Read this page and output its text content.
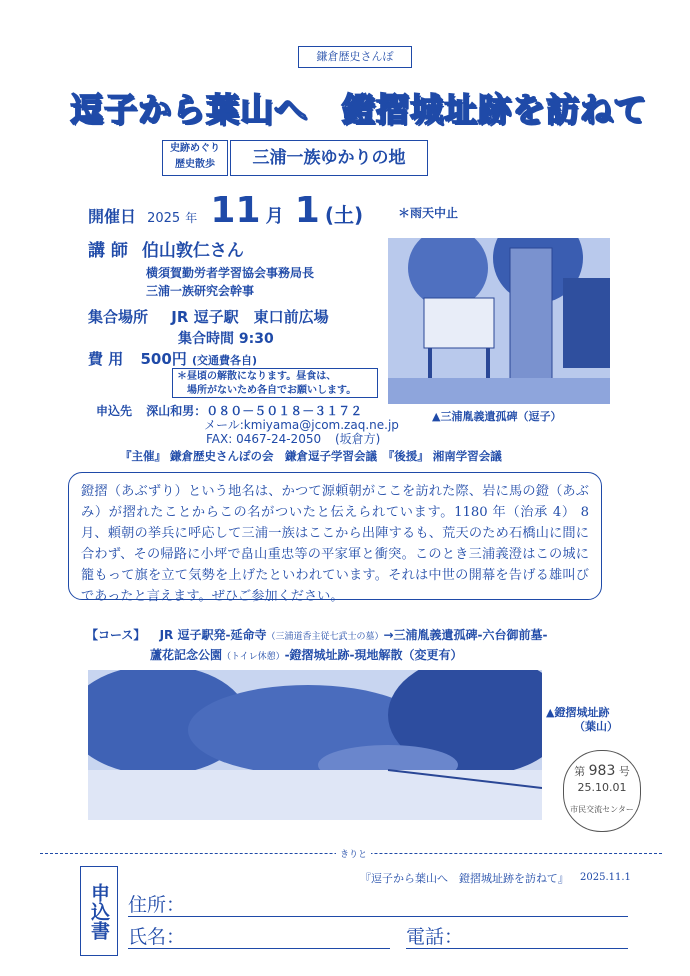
鎌倉歴史さんぽ
逗子から葉山へ　鐙摺城址跡を訪ねて
史跡めぐり
歴史散歩	三浦一族ゆかりの地
開催日 2025 年 11 月 1 (土)	＊雨天中止
講 師 伯山敦仁さん
横須賀勤労者学習協会事務局長
三浦一族研究会幹事
集合場所 JR 逗子駅　東口前広場
集合時間 9:30
費 用 500円 (交通費各自)
＊昼頃の解散になります。昼食は、
場所がないため各自でお願いします。
申込先 深山和男：０８０－５０１８－３１７２
メール:kmiyama@jcom.zaq.ne.jp
FAX: 0467-24-2050 (坂倉方)
『主催』 鎌倉歴史さんぽの会　鎌倉逗子学習会議　『後援』 湘南学習会議
▲三浦胤義遺孤碑（逗子）
鐙摺（あぶずり）という地名は、かつて源頼朝がここを訪れた際、岩に馬の鐙（あぶみ）が摺れたことからこの名がついたと伝えられています。1180 年（治承 4） 8 月、頼朝の挙兵に呼応して三浦一族はここから出陣するも、荒天のため石橋山に間に合わず、その帰路に小坪で畠山重忠等の平家軍と衝突。このとき三浦義澄はこの城に籠もって旗を立て気勢を上げたといわれています。それは中世の開幕を告げる雄叫びであったと言えます。ぜひご参加ください。
【コース】 JR 逗子駅発-延命寺（三浦道香主従七武士の墓）→三浦胤義遺孤碑-六台御前墓-
蘆花記念公園（トイレ休憩）-鐙摺城址跡-現地解散（変更有）
▲鐙摺城址跡
（葉山）
第 983 号
25.10.01
市民交流センター
きりと
申込書
『逗子から葉山へ　鐙摺城址跡を訪ねて』 2025.11.1
住所：
氏名：	電話：
